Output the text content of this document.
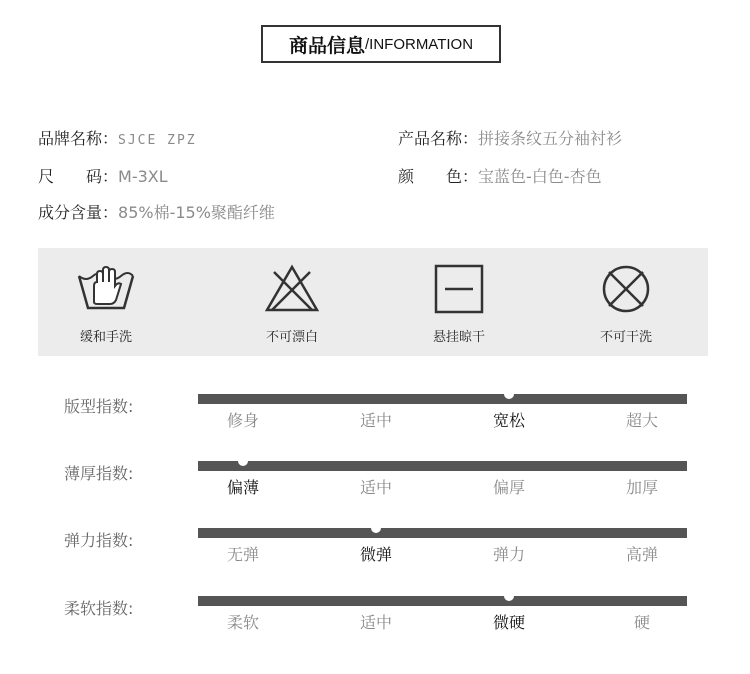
商品信息 /INFORMATION
品牌名称：SJCE ZPZ	产品名称：拼接条纹五分袖衬衫
尺　　码：M-3XL	颜　　色：宝蓝色-白色-杏色
成分含量：85%棉-15%聚酯纤维
缓和手洗	不可漂白	悬挂晾干	不可干洗
版型指数:
修身	适中	宽松	超大
薄厚指数:
偏薄	适中	偏厚	加厚
弹力指数:
无弹	微弹	弹力	高弹
柔软指数:
柔软	适中	微硬	硬
